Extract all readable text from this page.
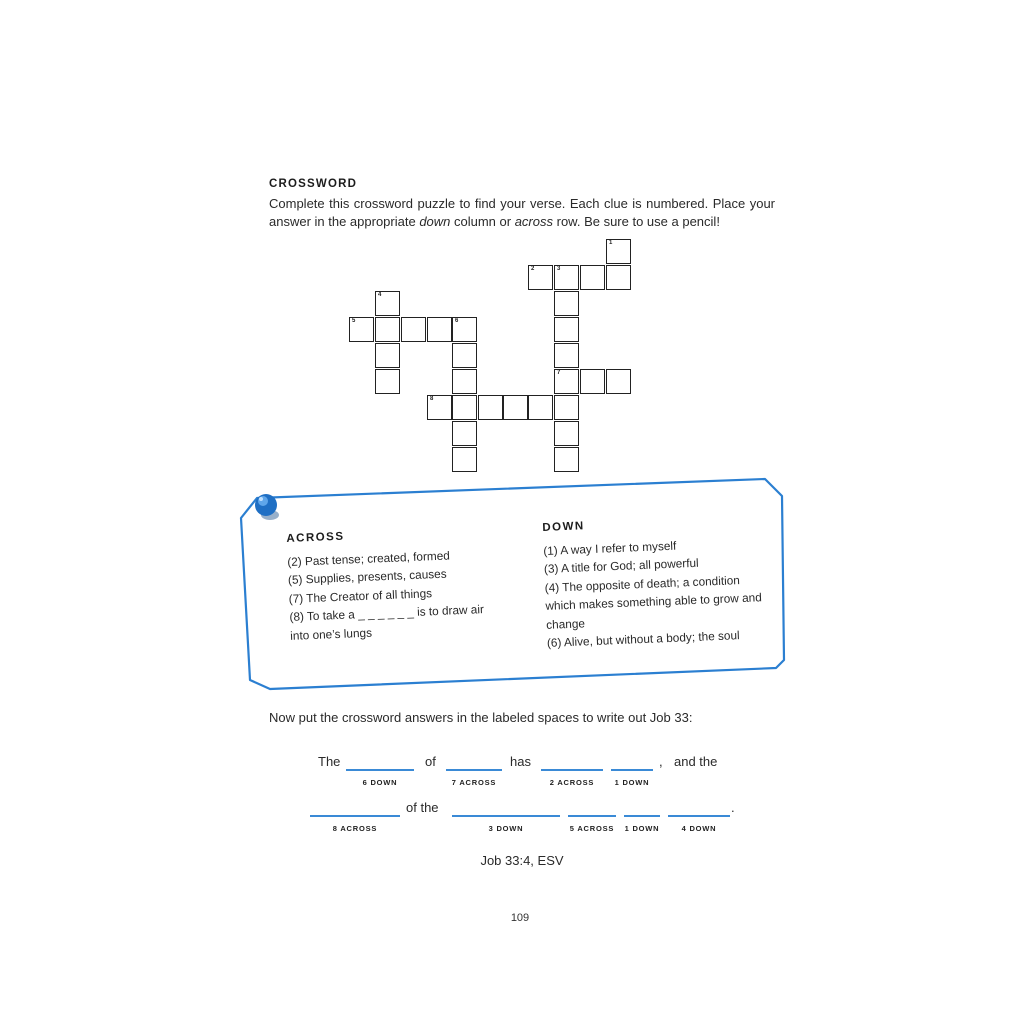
CROSSWORD
Complete this crossword puzzle to find your verse. Each clue is numbered. Place your answer in the appropriate down column or across row. Be sure to use a pencil!
1
2	3
7
4
5	6
8
ACROSS
(2) Past tense; created, formed
(5) Supplies, presents, causes
(7) The Creator of all things
(8) To take a _ _ _ _ _ _ is to draw air into one’s lungs
DOWN
(1) A way I refer to myself
(3) A title for God; all powerful
(4) The opposite of death; a condition which makes something able to grow and change
(6) Alive, but without a body; the soul
Now put the crossword answers in the labeled spaces to write out Job 33:
The
6 DOWN
of
7 ACROSS
has
2 ACROSS	1 DOWN
, and the
8 ACROSS
of the
3 DOWN	5 ACROSS	1 DOWN	4 DOWN
.
Job 33:4, ESV
109
